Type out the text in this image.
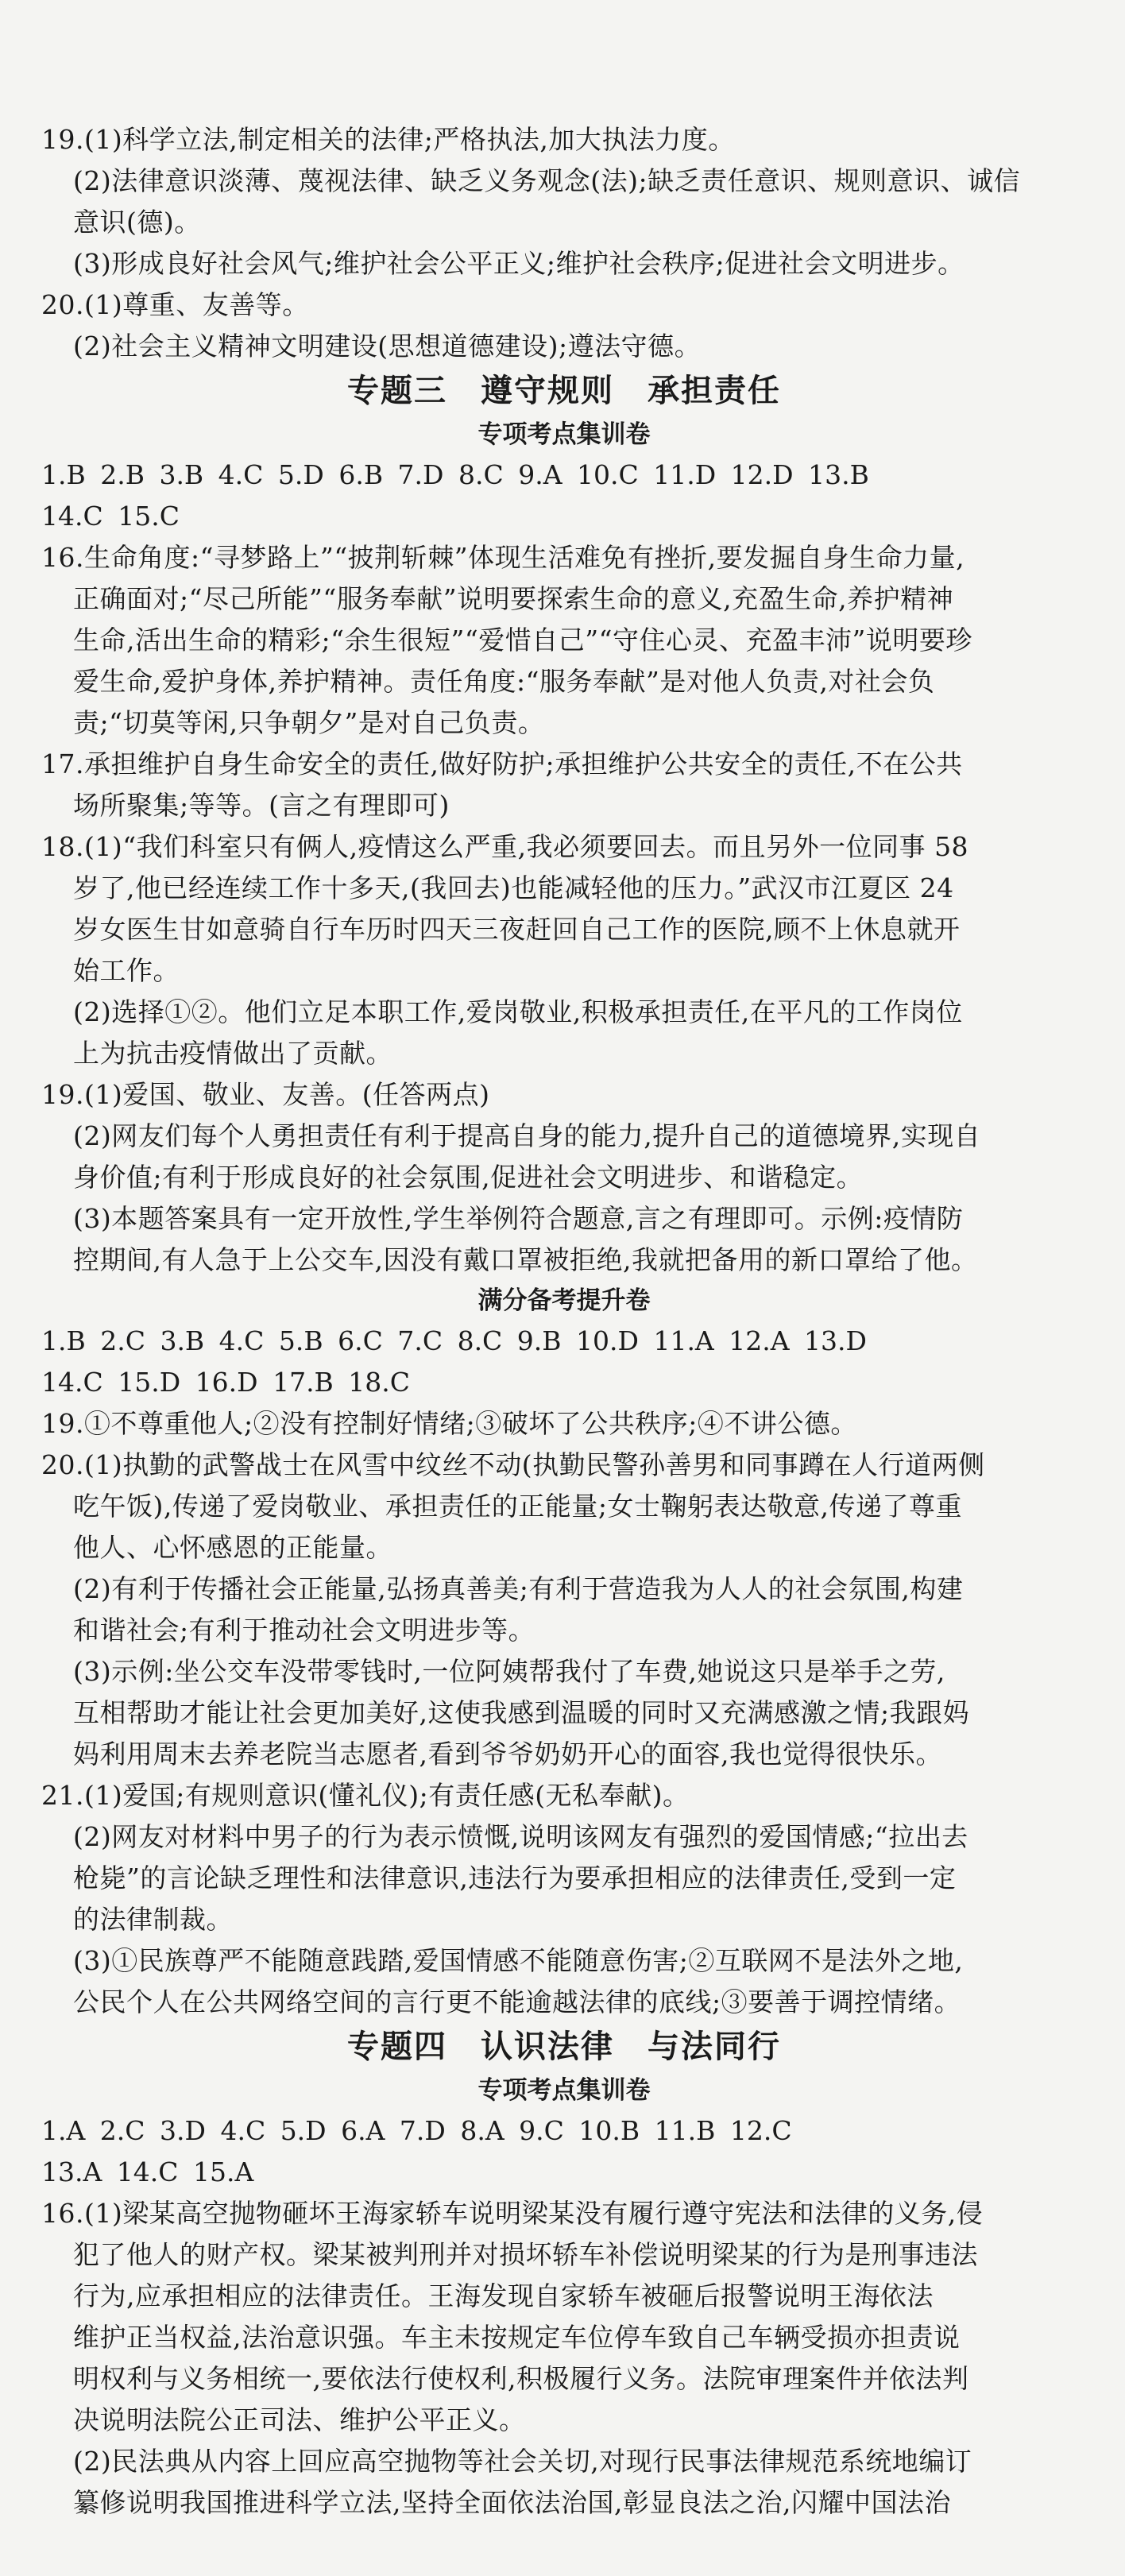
19.(1)科学立法,制定相关的法律;严格执法,加大执法力度。
(2)法律意识淡薄、蔑视法律、缺乏义务观念(法);缺乏责任意识、规则意识、诚信
意识(德)。
(3)形成良好社会风气;维护社会公平正义;维护社会秩序;促进社会文明进步。
20.(1)尊重、友善等。
(2)社会主义精神文明建设(思想道德建设);遵法守德。
专题三　遵守规则　承担责任
专项考点集训卷
1.B 2.B 3.B 4.C 5.D 6.B 7.D 8.C 9.A 10.C 11.D 12.D 13.B
14.C 15.C
16.生命角度:“寻梦路上”“披荆斩棘”体现生活难免有挫折,要发掘自身生命力量,
正确面对;“尽己所能”“服务奉献”说明要探索生命的意义,充盈生命,养护精神
生命,活出生命的精彩;“余生很短”“爱惜自己”“守住心灵、充盈丰沛”说明要珍
爱生命,爱护身体,养护精神。责任角度:“服务奉献”是对他人负责,对社会负
责;“切莫等闲,只争朝夕”是对自己负责。
17.承担维护自身生命安全的责任,做好防护;承担维护公共安全的责任,不在公共
场所聚集;等等。(言之有理即可)
18.(1)“我们科室只有俩人,疫情这么严重,我必须要回去。而且另外一位同事 58
岁了,他已经连续工作十多天,(我回去)也能减轻他的压力。”武汉市江夏区 24
岁女医生甘如意骑自行车历时四天三夜赶回自己工作的医院,顾不上休息就开
始工作。
(2)选择①②。他们立足本职工作,爱岗敬业,积极承担责任,在平凡的工作岗位
上为抗击疫情做出了贡献。
19.(1)爱国、敬业、友善。(任答两点)
(2)网友们每个人勇担责任有利于提高自身的能力,提升自己的道德境界,实现自
身价值;有利于形成良好的社会氛围,促进社会文明进步、和谐稳定。
(3)本题答案具有一定开放性,学生举例符合题意,言之有理即可。示例:疫情防
控期间,有人急于上公交车,因没有戴口罩被拒绝,我就把备用的新口罩给了他。
满分备考提升卷
1.B 2.C 3.B 4.C 5.B 6.C 7.C 8.C 9.B 10.D 11.A 12.A 13.D
14.C 15.D 16.D 17.B 18.C
19.①不尊重他人;②没有控制好情绪;③破坏了公共秩序;④不讲公德。
20.(1)执勤的武警战士在风雪中纹丝不动(执勤民警孙善男和同事蹲在人行道两侧
吃午饭),传递了爱岗敬业、承担责任的正能量;女士鞠躬表达敬意,传递了尊重
他人、心怀感恩的正能量。
(2)有利于传播社会正能量,弘扬真善美;有利于营造我为人人的社会氛围,构建
和谐社会;有利于推动社会文明进步等。
(3)示例:坐公交车没带零钱时,一位阿姨帮我付了车费,她说这只是举手之劳,
互相帮助才能让社会更加美好,这使我感到温暖的同时又充满感激之情;我跟妈
妈利用周末去养老院当志愿者,看到爷爷奶奶开心的面容,我也觉得很快乐。
21.(1)爱国;有规则意识(懂礼仪);有责任感(无私奉献)。
(2)网友对材料中男子的行为表示愤慨,说明该网友有强烈的爱国情感;“拉出去
枪毙”的言论缺乏理性和法律意识,违法行为要承担相应的法律责任,受到一定
的法律制裁。
(3)①民族尊严不能随意践踏,爱国情感不能随意伤害;②互联网不是法外之地,
公民个人在公共网络空间的言行更不能逾越法律的底线;③要善于调控情绪。
专题四　认识法律　与法同行
专项考点集训卷
1.A 2.C 3.D 4.C 5.D 6.A 7.D 8.A 9.C 10.B 11.B 12.C
13.A 14.C 15.A
16.(1)梁某高空抛物砸坏王海家轿车说明梁某没有履行遵守宪法和法律的义务,侵
犯了他人的财产权。梁某被判刑并对损坏轿车补偿说明梁某的行为是刑事违法
行为,应承担相应的法律责任。王海发现自家轿车被砸后报警说明王海依法
维护正当权益,法治意识强。车主未按规定车位停车致自己车辆受损亦担责说
明权利与义务相统一,要依法行使权利,积极履行义务。法院审理案件并依法判
决说明法院公正司法、维护公平正义。
(2)民法典从内容上回应高空抛物等社会关切,对现行民事法律规范系统地编订
纂修说明我国推进科学立法,坚持全面依法治国,彰显良法之治,闪耀中国法治
